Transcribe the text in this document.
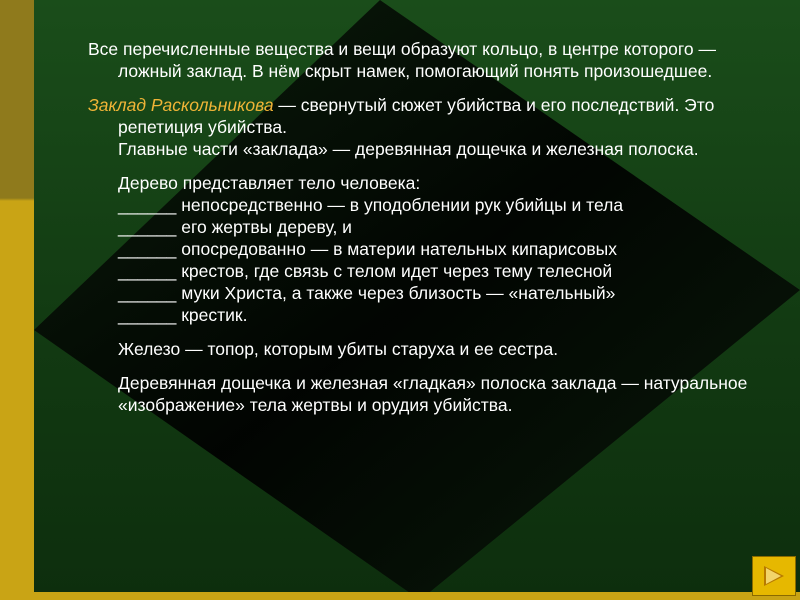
Все перечисленные вещества и вещи образуют кольцо, в центре которого — ложный заклад. В нём скрыт намек, помогающий понять произошедшее.

Заклад Раскольникова — свернутый сюжет убийства и его последствий. Это репетиция убийства.
Главные части «заклада» — деревянная дощечка и железная полоска.

Дерево представляет тело человека:
______ непосредственно — в уподоблении рук убийцы и тела
______ его жертвы дереву, и
______ опосредованно — в материи нательных кипарисовых
______ крестов, где связь с телом идет через тему телесной
______ муки Христа, а также через близость — «нательный»
______ крестик.

Железо — топор, которым убиты старуха и ее сестра.

Деревянная дощечка и железная «гладкая» полоска заклада — натуральное «изображение» тела жертвы и орудия убийства.
